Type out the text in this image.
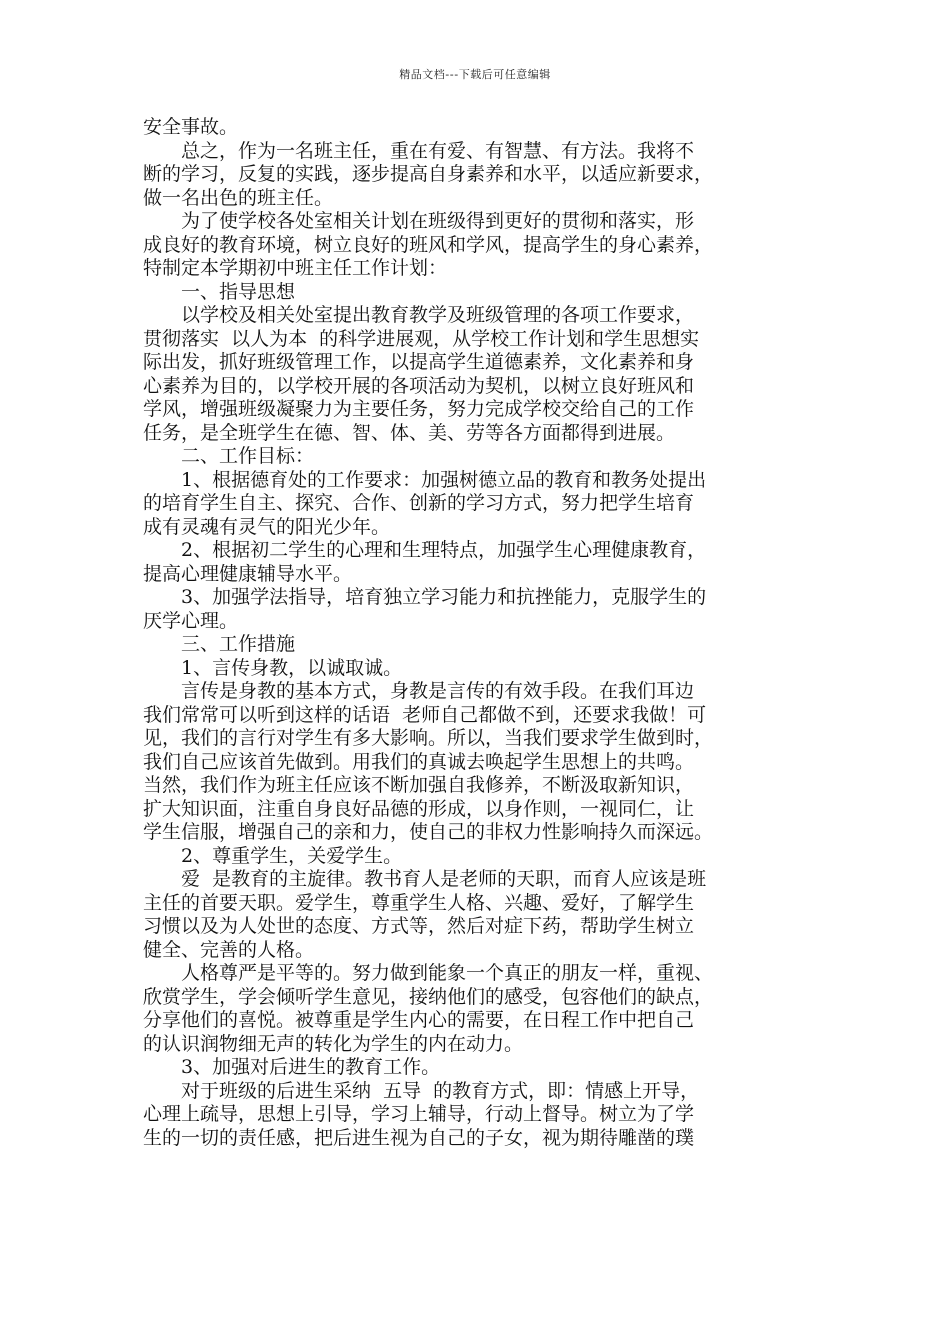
精品文档---下载后可任意编辑
安全事故。
　　总之，作为一名班主任，重在有爱、有智慧、有方法。我将不
断的学习，反复的实践，逐步提高自身素养和水平，以适应新要求，
做一名出色的班主任。
　　为了使学校各处室相关计划在班级得到更好的贯彻和落实，形
成良好的教育环境，树立良好的班风和学风，提高学生的身心素养，
特制定本学期初中班主任工作计划：
　　一、指导思想
　　以学校及相关处室提出教育教学及班级管理的各项工作要求，
贯彻落实  以人为本  的科学进展观，从学校工作计划和学生思想实
际出发，抓好班级管理工作，以提高学生道德素养，文化素养和身
心素养为目的，以学校开展的各项活动为契机，以树立良好班风和
学风，增强班级凝聚力为主要任务，努力完成学校交给自己的工作
任务，是全班学生在德、智、体、美、劳等各方面都得到进展。
　　二、工作目标：
　　1、根据德育处的工作要求：加强树德立品的教育和教务处提出
的培育学生自主、探究、合作、创新的学习方式，努力把学生培育
成有灵魂有灵气的阳光少年。
　　2、根据初二学生的心理和生理特点，加强学生心理健康教育，
提高心理健康辅导水平。
　　3、加强学法指导，培育独立学习能力和抗挫能力，克服学生的
厌学心理。
　　三、工作措施
　　1、言传身教，以诚取诚。
　　言传是身教的基本方式，身教是言传的有效手段。在我们耳边
我们常常可以听到这样的话语  老师自己都做不到，还要求我做！可
见，我们的言行对学生有多大影响。所以，当我们要求学生做到时，
我们自己应该首先做到。用我们的真诚去唤起学生思想上的共鸣。
当然，我们作为班主任应该不断加强自我修养，不断汲取新知识，
扩大知识面，注重自身良好品德的形成，以身作则，一视同仁，让
学生信服，增强自己的亲和力，使自己的非权力性影响持久而深远。
　　2、尊重学生，关爱学生。
　　爱  是教育的主旋律。教书育人是老师的天职，而育人应该是班
主任的首要天职。爱学生，尊重学生人格、兴趣、爱好，了解学生
习惯以及为人处世的态度、方式等，然后对症下药，帮助学生树立
健全、完善的人格。
　　人格尊严是平等的。努力做到能象一个真正的朋友一样，重视、
欣赏学生，学会倾听学生意见，接纳他们的感受，包容他们的缺点，
分享他们的喜悦。被尊重是学生内心的需要，在日程工作中把自己
的认识润物细无声的转化为学生的内在动力。
　　3、加强对后进生的教育工作。
　　对于班级的后进生采纳  五导  的教育方式，即：情感上开导，
心理上疏导，思想上引导，学习上辅导，行动上督导。树立为了学
生的一切的责任感，把后进生视为自己的子女，视为期待雕凿的璞
